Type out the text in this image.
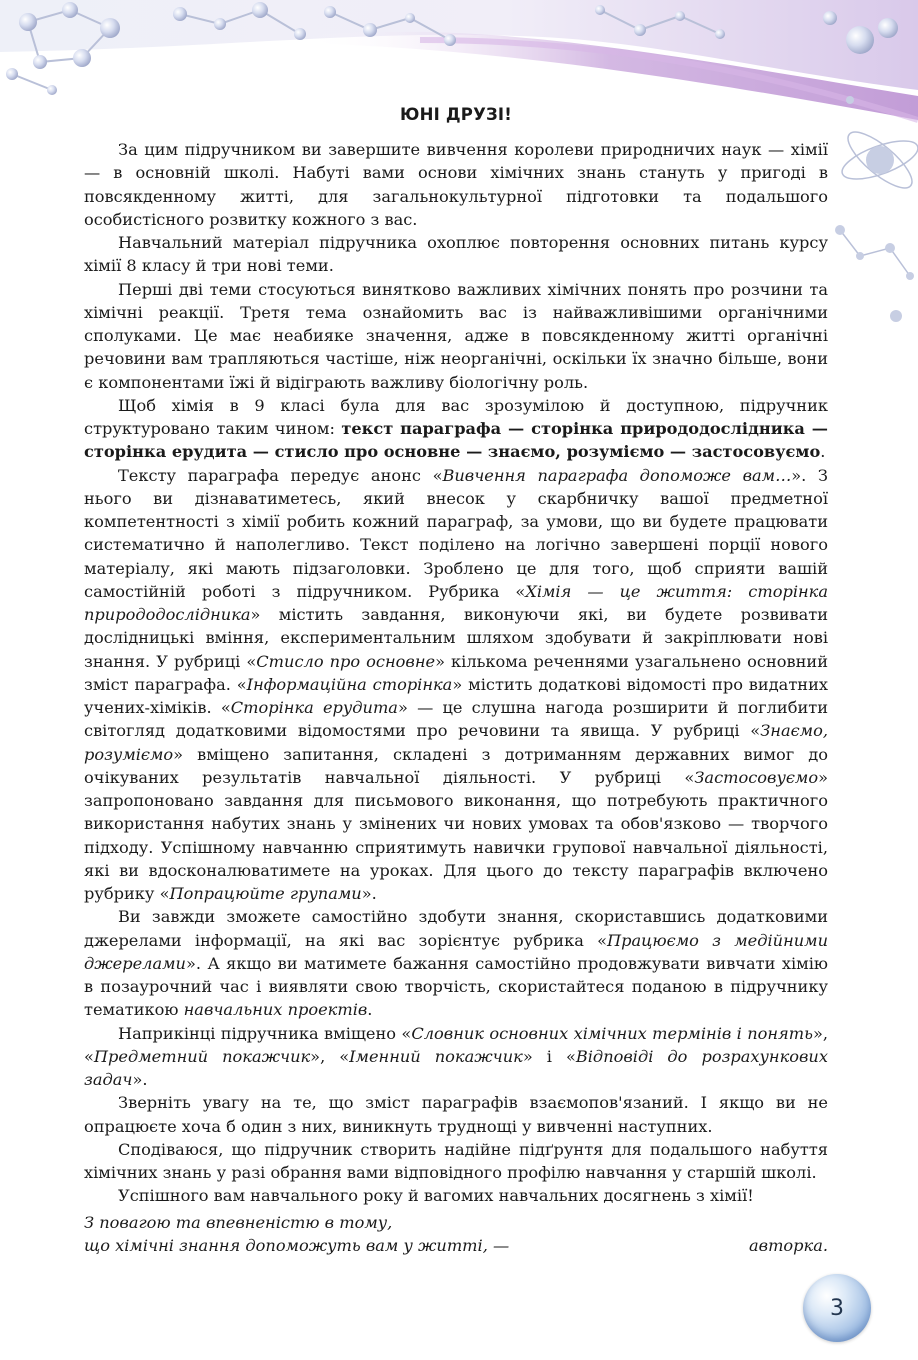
ЮНІ ДРУЗІ!

За цим підручником ви завершите вивчення королеви природничих наук — хімії — в основній школі. Набуті вами основи хімічних знань стануть у пригоді в повсякденному житті, для загальнокультурної підготовки та подальшого особистісного розвитку кожного з вас.

Навчальний матеріал підручника охоплює повторення основних питань курсу хімії 8 класу й три нові теми.

Перші дві теми стосуються винятково важливих хімічних понять про розчини та хімічні реакції. Третя тема ознайомить вас із найважливішими органічними сполуками. Це має неабияке значення, адже в повсякденному житті органічні речовини вам трапляються частіше, ніж неорганічні, оскільки їх значно більше, вони є компонентами їжі й відіграють важливу біологічну роль.

Щоб хімія в 9 класі була для вас зрозумілою й доступною, підручник структуровано таким чином: текст параграфа — сторінка природодослідника — сторінка ерудита — стисло про основне — знаємо, розуміємо — застосовуємо.

Тексту параграфа передує анонс «Вивчення параграфа допоможе вам…». З нього ви дізнаватиметесь, який внесок у скарбничку вашої предметної компетентності з хімії робить кожний параграф, за умови, що ви будете працювати систематично й наполегливо. Текст поділено на логічно завершені порції нового матеріалу, які мають підзаголовки. Зроблено це для того, щоб сприяти вашій самостійній роботі з підручником. Рубрика «Хімія — це життя: сторінка природодослідника» містить завдання, виконуючи які, ви будете розвивати дослідницькі вміння, експериментальним шляхом здобувати й закріплювати нові знання. У рубриці «Стисло про основне» кількома реченнями узагальнено основний зміст параграфа. «Інформаційна сторінка» містить додаткові відомості про видатних учених-хіміків. «Сторінка ерудита» — це слушна нагода розширити й поглибити світогляд додатковими відомостями про речовини та явища. У рубриці «Знаємо, розуміємо» вміщено запитання, складені з дотриманням державних вимог до очікуваних результатів навчальної діяльності. У рубриці «Застосовуємо» запропоновано завдання для письмового виконання, що потребують практичного використання набутих знань у змінених чи нових умовах та обов'язково — творчого підходу. Успішному навчанню сприятимуть навички групової навчальної діяльності, які ви вдосконалюватимете на уроках. Для цього до тексту параграфів включено рубрику «Попрацюйте групами».

Ви завжди зможете самостійно здобути знання, скориставшись додатковими джерелами інформації, на які вас зорієнтує рубрика «Працюємо з медійними джерелами». А якщо ви матимете бажання самостійно продовжувати вивчати хімію в позаурочний час і виявляти свою творчість, скористайтеся поданою в підручнику тематикою навчальних проектів.

Наприкінці підручника вміщено «Словник основних хімічних термінів і понять», «Предметний покажчик», «Іменний покажчик» і «Відповіді до розрахункових задач».

Зверніть увагу на те, що зміст параграфів взаємопов'язаний. І якщо ви не опрацюєте хоча б один з них, виникнуть труднощі у вивченні наступних.

Сподіваюся, що підручник створить надійне підґрунтя для подальшого набуття хімічних знань у разі обрання вами відповідного профілю навчання у старшій школі.

Успішного вам навчального року й вагомих навчальних досягнень з хімії!

З повагою та впевненістю в тому,
що хімічні знання допоможуть вам у житті, —	авторка.
3
